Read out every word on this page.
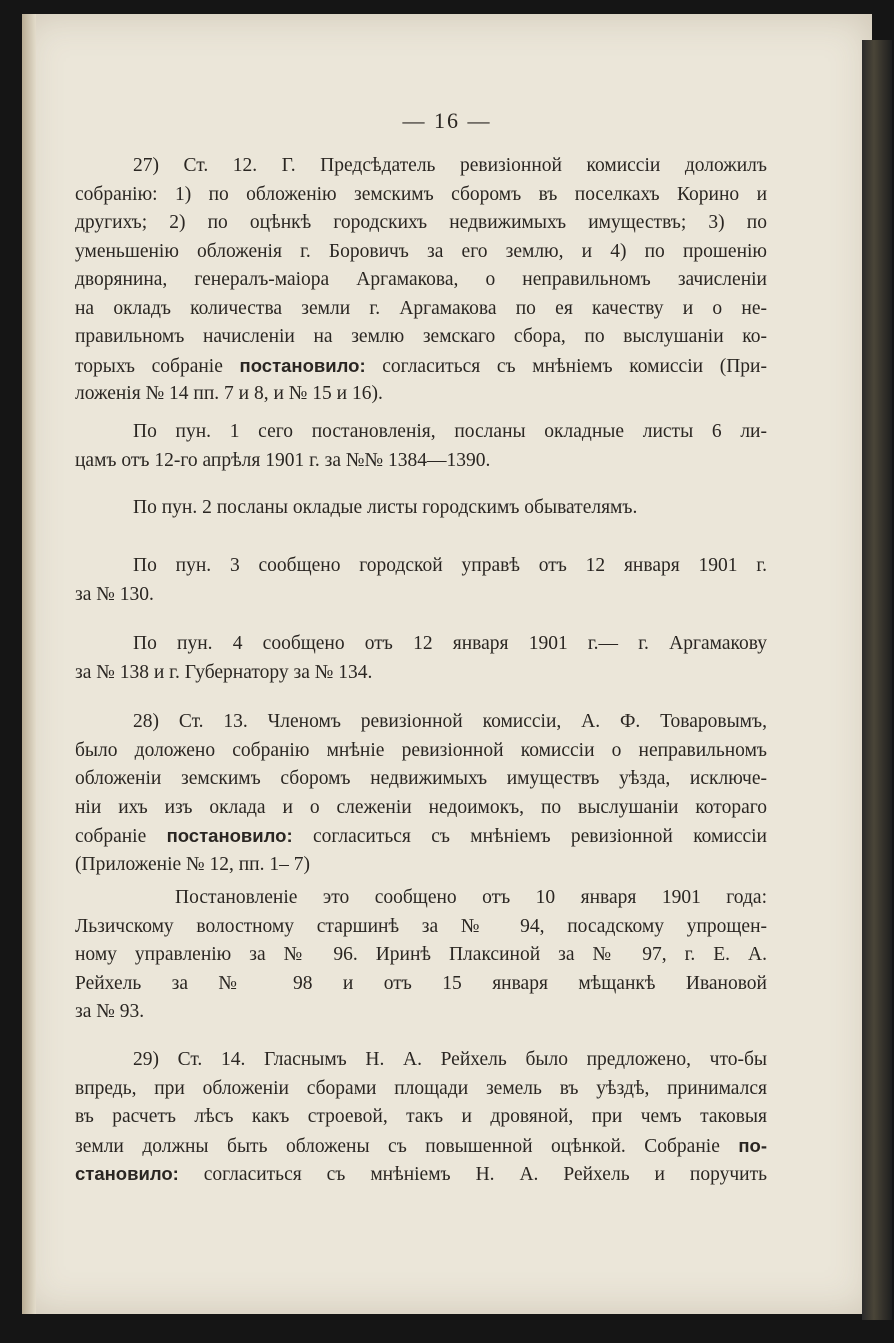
— 16 —
27) Ст. 12. Г. Предсѣдатель ревизіонной комиссіи доложилъ
собранію: 1) по обложенію земскимъ сборомъ въ поселкахъ Корино и
другихъ; 2) по оцѣнкѣ городскихъ недвижимыхъ имуществъ; 3) по
уменьшенію обложенія г. Боровичъ за его землю, и 4) по прошенію
дворянина, генералъ-маіора Аргамакова, о неправильномъ зачисленіи
на окладъ количества земли г. Аргамакова по ея качеству и о не-
правильномъ начисленіи на землю земскаго сбора, по выслушаніи ко-
торыхъ собраніе постановило: согласиться съ мнѣніемъ комиссіи (При-
ложенія № 14 пп. 7 и 8, и № 15 и 16).
По пун. 1 сего постановленія, посланы окладные листы 6 ли-
цамъ отъ 12-го апрѣля 1901 г. за №№ 1384—1390.
По пун. 2 посланы окладые листы городскимъ обывателямъ.
По пун. 3 сообщено городской управѣ отъ 12 января 1901 г.
за № 130.
По пун. 4 сообщено отъ 12 января 1901 г.— г. Аргамакову
за № 138 и г. Губернатору за № 134.
28) Ст. 13. Членомъ ревизіонной комиссіи, А. Ф. Товаровымъ,
было доложено собранію мнѣніе ревизіонной комиссіи о неправильномъ
обложеніи земскимъ сборомъ недвижимыхъ имуществъ уѣзда, исключе-
ніи ихъ изъ оклада и о слеженіи недоимокъ, по выслушаніи котораго
собраніе постановило: согласиться съ мнѣніемъ ревизіонной комиссіи
(Приложеніе № 12, пп. 1– 7)
Постановленіе это сообщено отъ 10 января 1901 года:
Льзичскому волостному старшинѣ за № 94, посадскому упрощен-
ному управленію за № 96. Иринѣ Плаксиной за № 97, г. Е. А.
Рейхель за № 98 и отъ 15 января мѣщанкѣ Ивановой
за № 93.
29) Ст. 14. Гласнымъ Н. А. Рейхель было предложено, что-бы
впредь, при обложеніи сборами площади земель въ уѣздѣ, принимался
въ расчетъ лѣсъ какъ строевой, такъ и дровяной, при чемъ таковыя
земли должны быть обложены съ повышенной оцѣнкой. Собраніе по-
становило: согласиться съ мнѣніемъ Н. А. Рейхель и поручить
